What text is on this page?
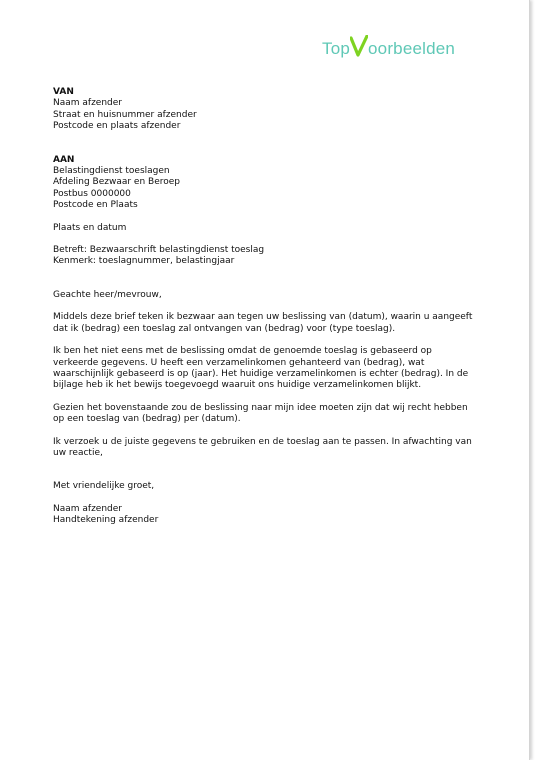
Top oorbeelden
VAN
Naam afzender
Straat en huisnummer afzender
Postcode en plaats afzender
AAN
Belastingdienst toeslagen
Afdeling Bezwaar en Beroep
Postbus 0000000
Postcode en Plaats
Plaats en datum
Betreft: Bezwaarschrift belastingdienst toeslag
Kenmerk: toeslagnummer, belastingjaar
Geachte heer/mevrouw,
Middels deze brief teken ik bezwaar aan tegen uw beslissing van (datum), waarin u aangeeft
dat ik (bedrag) een toeslag zal ontvangen van (bedrag) voor (type toeslag).
Ik ben het niet eens met de beslissing omdat de genoemde toeslag is gebaseerd op
verkeerde gegevens. U heeft een verzamelinkomen gehanteerd van (bedrag), wat
waarschijnlijk gebaseerd is op (jaar). Het huidige verzamelinkomen is echter (bedrag). In de
bijlage heb ik het bewijs toegevoegd waaruit ons huidige verzamelinkomen blijkt.
Gezien het bovenstaande zou de beslissing naar mijn idee moeten zijn dat wij recht hebben
op een toeslag van (bedrag) per (datum).
Ik verzoek u de juiste gegevens te gebruiken en de toeslag aan te passen. In afwachting van
uw reactie,
Met vriendelijke groet,
Naam afzender
Handtekening afzender
